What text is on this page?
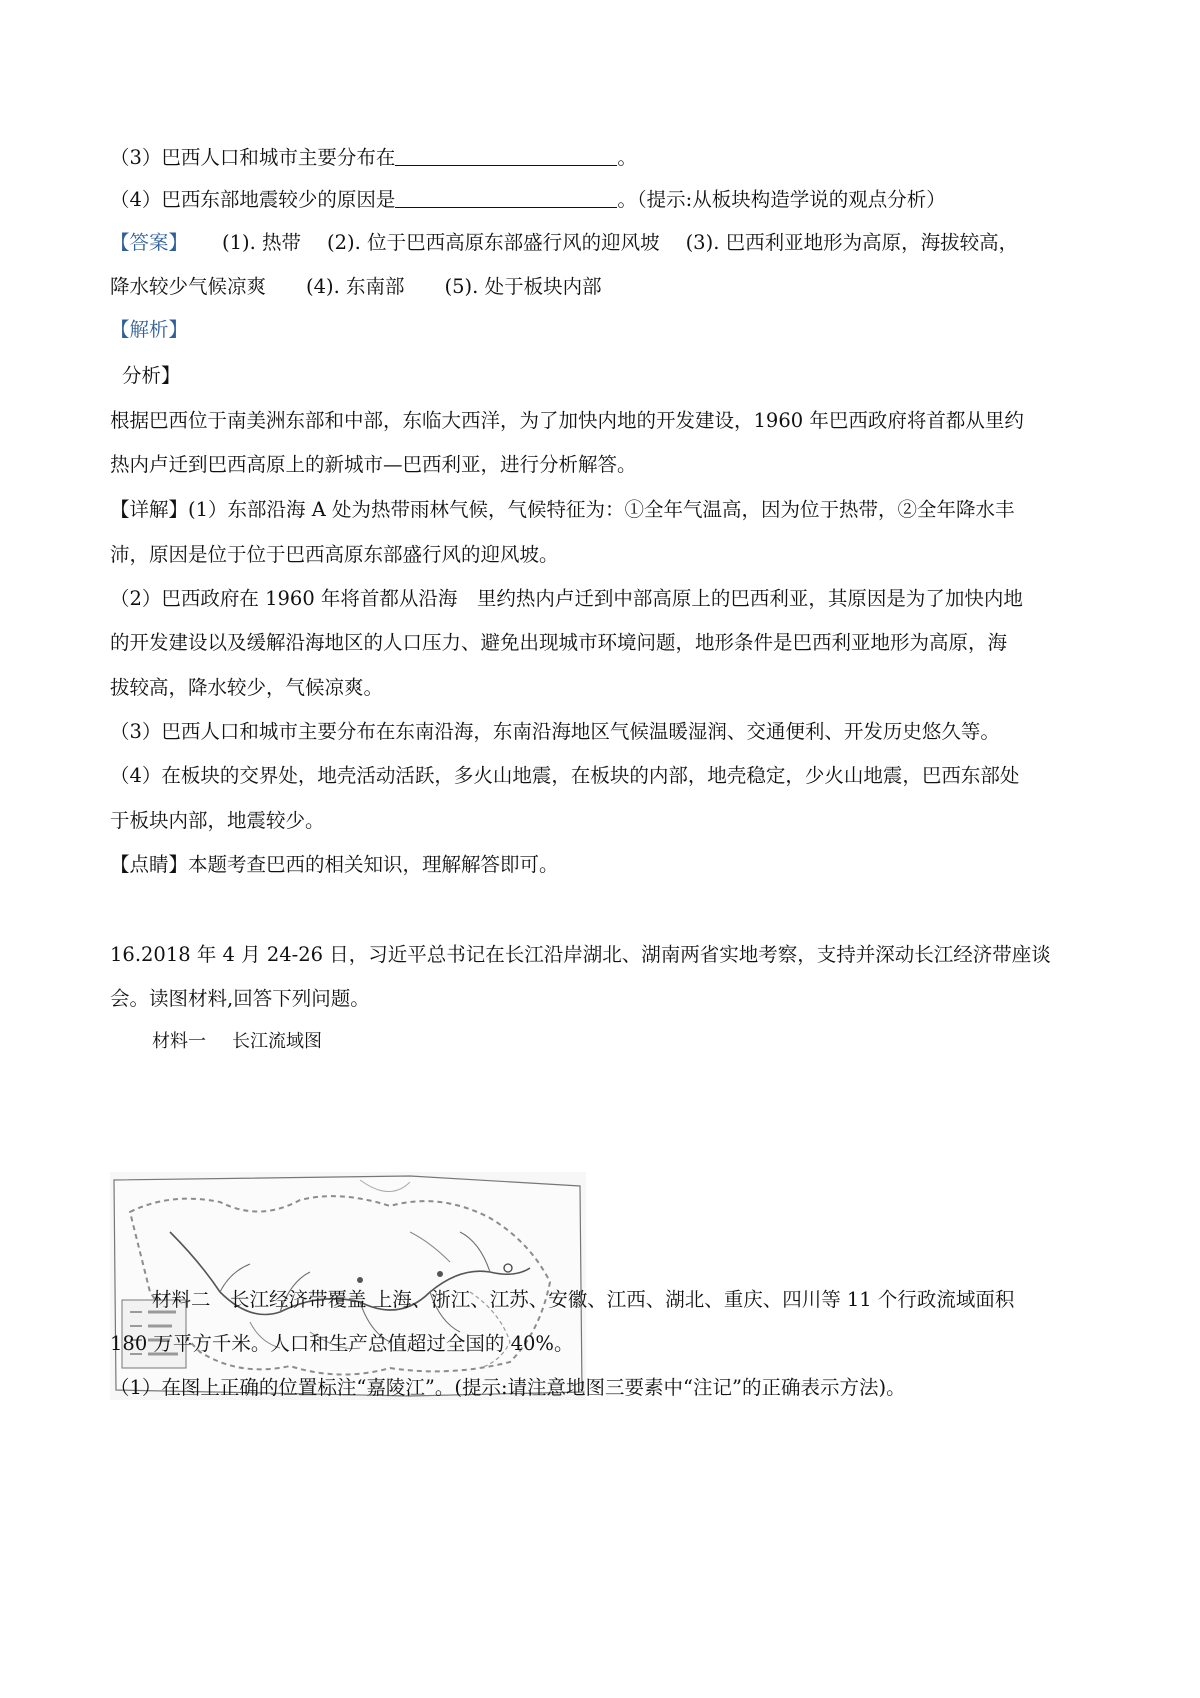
（3）巴西人口和城市主要分布在	。
（4）巴西东部地震较少的原因是	。（提示:从板块构造学说的观点分析）
【答案】 (1). 热带 (2). 位于巴西高原东部盛行风的迎风坡 (3). 巴西利亚地形为高原，海拔较高，
降水较少气候凉爽 (4). 东南部 (5). 处于板块内部
【解析】
分析】
根据巴西位于南美洲东部和中部，东临大西洋，为了加快内地的开发建设，1960 年巴西政府将首都从里约
热内卢迁到巴西高原上的新城市—巴西利亚，进行分析解答。
【详解】(1）东部沿海 A 处为热带雨林气候，气候特征为：①全年气温高，因为位于热带，②全年降水丰
沛，原因是位于位于巴西高原东部盛行风的迎风坡。
（2）巴西政府在 1960 年将首都从沿海　里约热内卢迁到中部高原上的巴西利亚，其原因是为了加快内地
的开发建设以及缓解沿海地区的人口压力、避免出现城市环境问题，地形条件是巴西利亚地形为高原，海
拔较高，降水较少，气候凉爽。
（3）巴西人口和城市主要分布在东南沿海，东南沿海地区气候温暖湿润、交通便利、开发历史悠久等。
（4）在板块的交界处，地壳活动活跃，多火山地震，在板块的内部，地壳稳定，少火山地震，巴西东部处
于板块内部，地震较少。
【点睛】本题考查巴西的相关知识，理解解答即可。
16.2018 年 4 月 24-26 日，习近平总书记在长江沿岸湖北、湖南两省实地考察，支持并深动长江经济带座谈
会。读图材料,回答下列问题。
材料一 长江流域图
材料二　长江经济带覆盖 上海、浙江、江苏、安徽、江西、湖北、重庆、四川等 11 个行政流域面积
180 万平方千米。人口和生产总值超过全国的 40%。
（1）在图上正确的位置标注“嘉陵江”。(提示:请注意地图三要素中“注记”的正确表示方法)。
